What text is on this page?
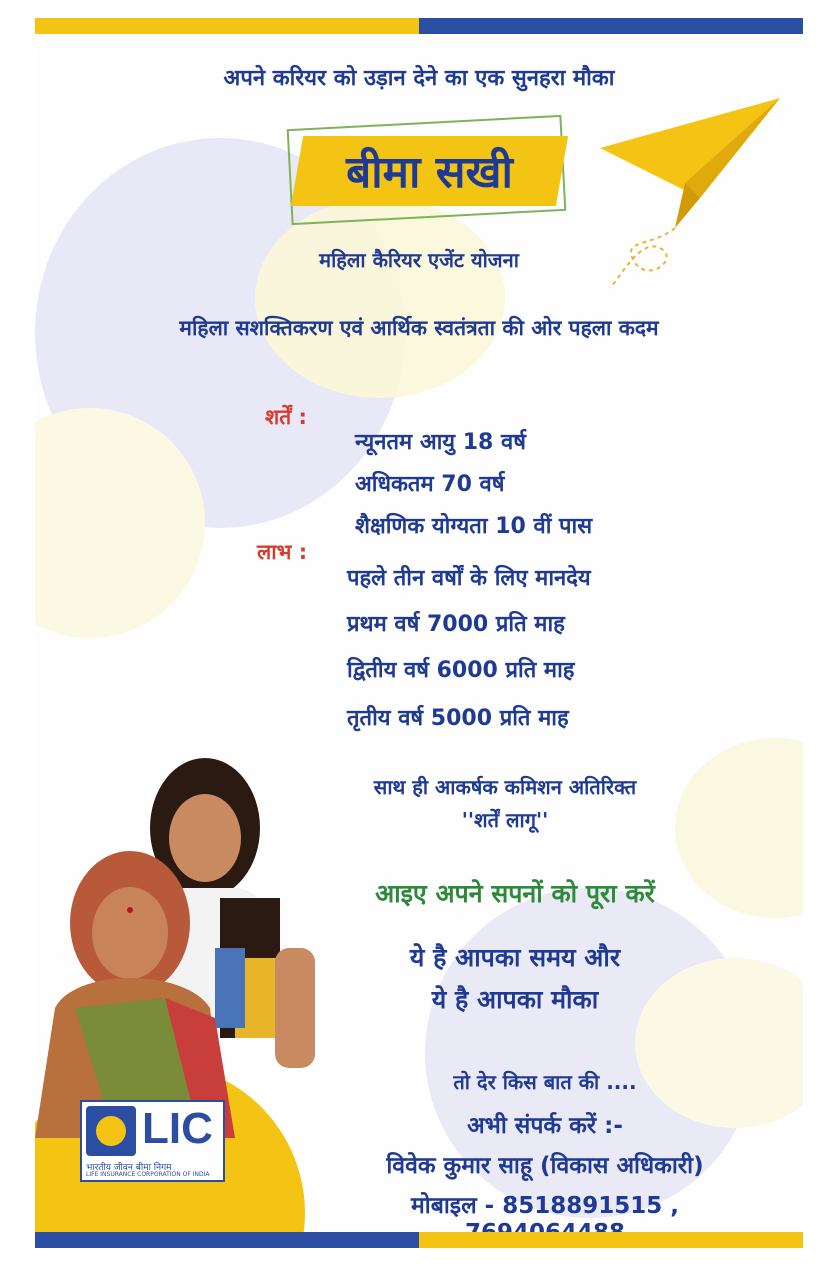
अपने करियर को उड़ान देने का एक सुनहरा मौका
बीमा सखी
महिला कैरियर एजेंट योजना
महिला सशक्तिकरण एवं आर्थिक स्वतंत्रता की ओर पहला कदम
शर्तें :
न्यूनतम आयु 18 वर्ष
अधिकतम 70 वर्ष
शैक्षणिक योग्यता 10 वीं पास
लाभ :
पहले तीन वर्षों के लिए मानदेय
प्रथम वर्ष 7000 प्रति माह
द्वितीय वर्ष 6000 प्रति माह
तृतीय वर्ष 5000 प्रति माह
साथ ही आकर्षक कमिशन अतिरिक्त
''शर्तें लागू''
आइए अपने सपनों को पूरा करें
ये है आपका समय और
ये है आपका मौका
तो देर किस बात की ....
अभी संपर्क करें :-
विवेक कुमार साहू (विकास अधिकारी)
मोबाइल - 8518891515 ,
LIC
भारतीय जीवन बीमा निगम
LIFE INSURANCE CORPORATION OF INDIA
